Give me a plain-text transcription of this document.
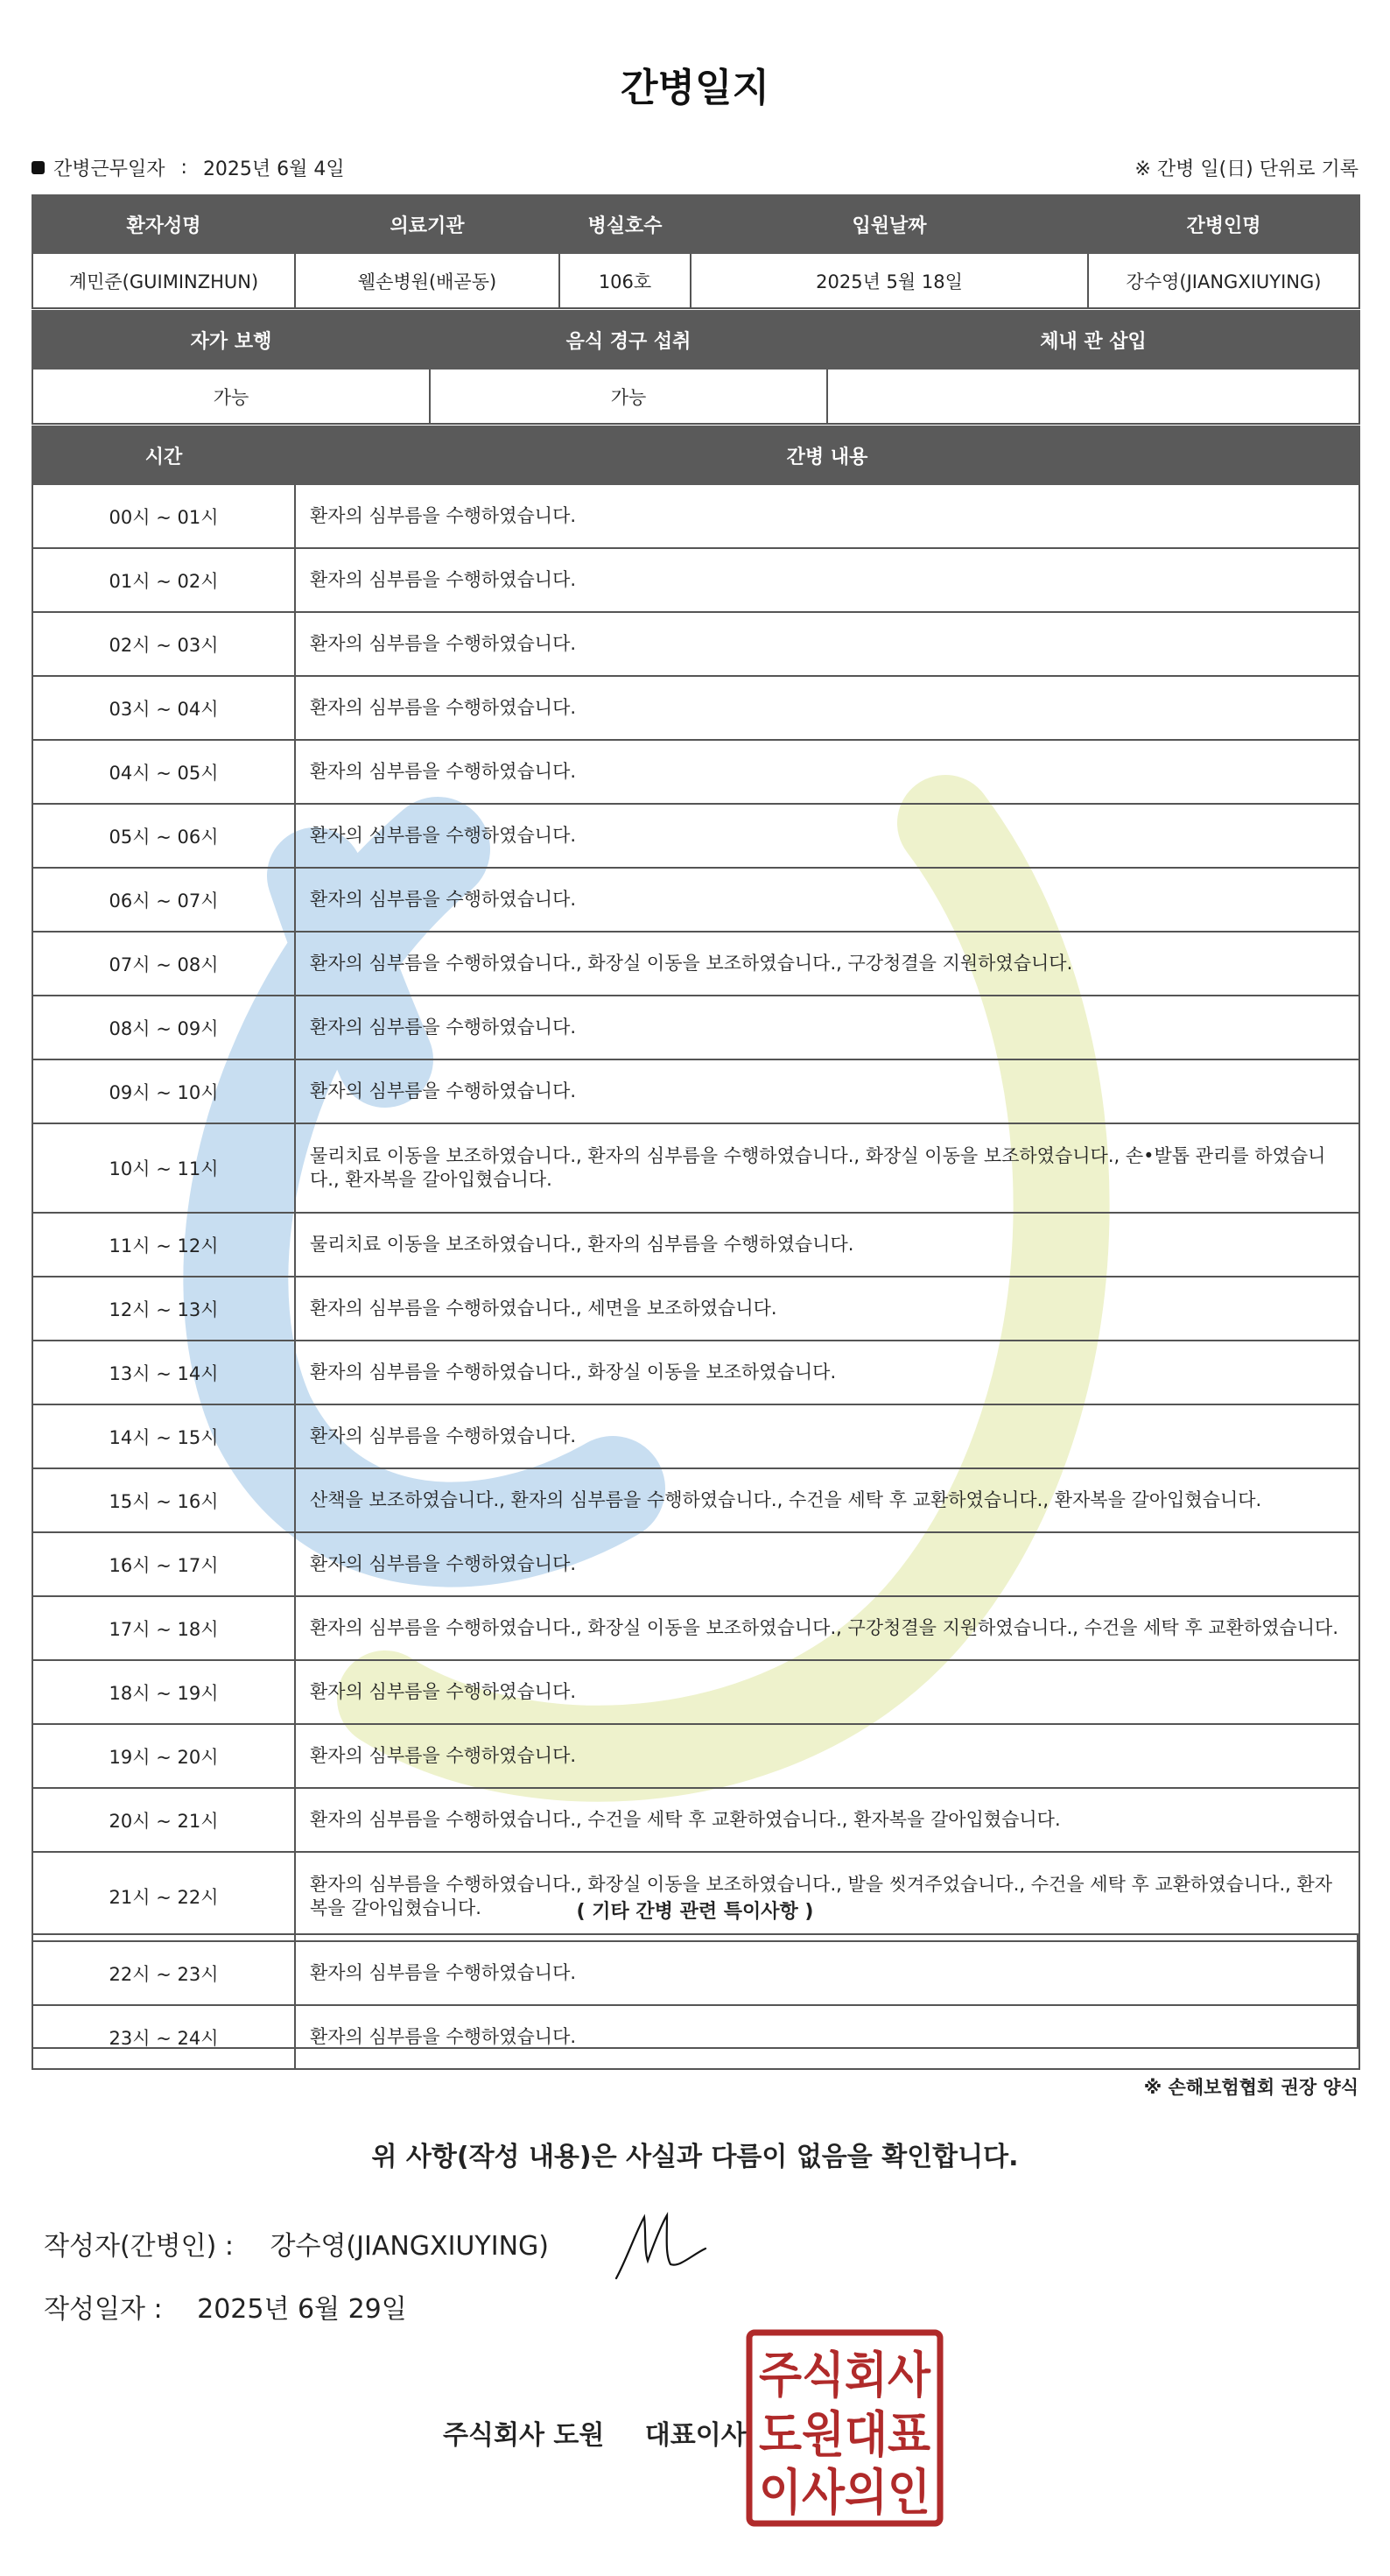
간병일지
간병근무일자 : 2025년 6월 4일	※ 간병 일(日) 단위로 기록
환자성명	의료기관	병실호수	입원날짜	간병인명
계민준(GUIMINZHUN)	웰손병원(배곧동)	106호	2025년 5월 18일	강수영(JIANGXIUYING)
자가 보행	음식 경구 섭취	체내 관 삽입
가능	가능	
시간	간병 내용
00시 ~ 01시	환자의 심부름을 수행하였습니다.
01시 ~ 02시	환자의 심부름을 수행하였습니다.
02시 ~ 03시	환자의 심부름을 수행하였습니다.
03시 ~ 04시	환자의 심부름을 수행하였습니다.
04시 ~ 05시	환자의 심부름을 수행하였습니다.
05시 ~ 06시	환자의 심부름을 수행하였습니다.
06시 ~ 07시	환자의 심부름을 수행하였습니다.
07시 ~ 08시	환자의 심부름을 수행하였습니다., 화장실 이동을 보조하였습니다., 구강청결을 지원하였습니다.
08시 ~ 09시	환자의 심부름을 수행하였습니다.
09시 ~ 10시	환자의 심부름을 수행하였습니다.
10시 ~ 11시	물리치료 이동을 보조하였습니다., 환자의 심부름을 수행하였습니다., 화장실 이동을 보조하였습니다., 손•발톱 관리를 하였습니다., 환자복을 갈아입혔습니다.
11시 ~ 12시	물리치료 이동을 보조하였습니다., 환자의 심부름을 수행하였습니다.
12시 ~ 13시	환자의 심부름을 수행하였습니다., 세면을 보조하였습니다.
13시 ~ 14시	환자의 심부름을 수행하였습니다., 화장실 이동을 보조하였습니다.
14시 ~ 15시	환자의 심부름을 수행하였습니다.
15시 ~ 16시	산책을 보조하였습니다., 환자의 심부름을 수행하였습니다., 수건을 세탁 후 교환하였습니다., 환자복을 갈아입혔습니다.
16시 ~ 17시	환자의 심부름을 수행하였습니다.
17시 ~ 18시	환자의 심부름을 수행하였습니다., 화장실 이동을 보조하였습니다., 구강청결을 지원하였습니다., 수건을 세탁 후 교환하였습니다.
18시 ~ 19시	환자의 심부름을 수행하였습니다.
19시 ~ 20시	환자의 심부름을 수행하였습니다.
20시 ~ 21시	환자의 심부름을 수행하였습니다., 수건을 세탁 후 교환하였습니다., 환자복을 갈아입혔습니다.
21시 ~ 22시	환자의 심부름을 수행하였습니다., 화장실 이동을 보조하였습니다., 발을 씻겨주었습니다., 수건을 세탁 후 교환하였습니다., 환자복을 갈아입혔습니다.
22시 ~ 23시	환자의 심부름을 수행하였습니다.
23시 ~ 24시	환자의 심부름을 수행하였습니다.
( 기타 간병 관련 특이사항 )
※ 손해보험협회 권장 양식
위 사항(작성 내용)은 사실과 다름이 없음을 확인합니다.
작성자(간병인) : 강수영(JIANGXIUYING)
작성일자 : 2025년 6월 29일
주식회사 도원 대표이사
주식회사
도원대표
이사의인
